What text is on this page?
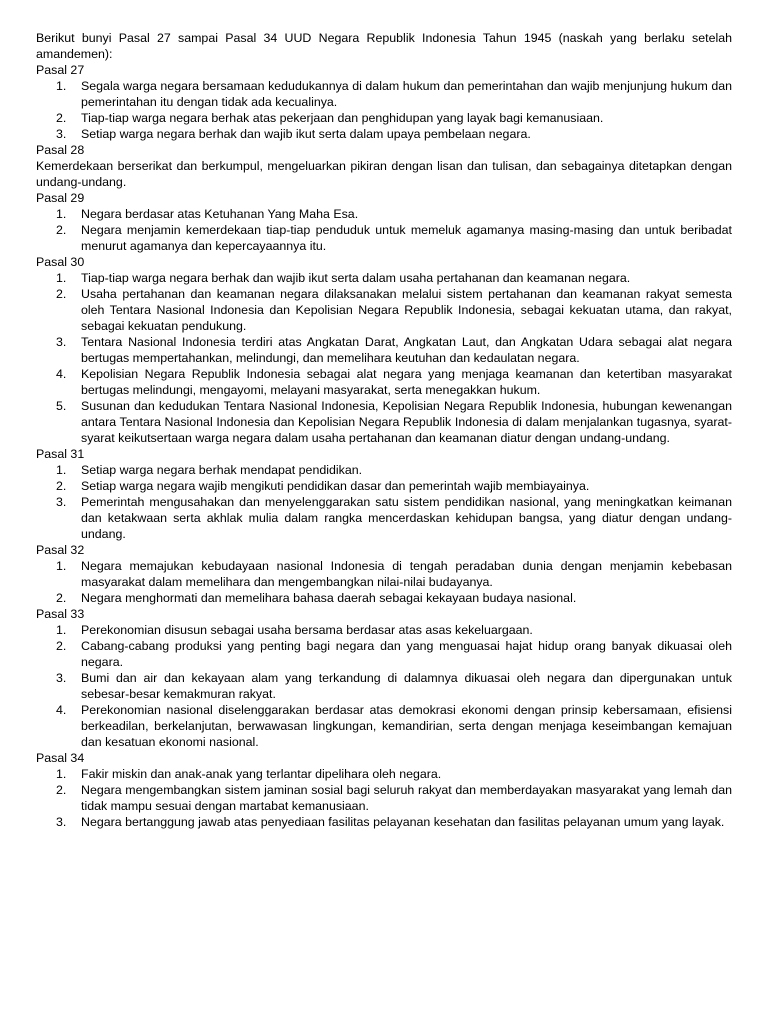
Berikut bunyi Pasal 27 sampai Pasal 34 UUD Negara Republik Indonesia Tahun 1945 (naskah yang berlaku setelah amandemen):

Pasal 27

1. Segala warga negara bersamaan kedudukannya di dalam hukum dan pemerintahan dan wajib menjunjung hukum dan pemerintahan itu dengan tidak ada kecualinya.
2. Tiap-tiap warga negara berhak atas pekerjaan dan penghidupan yang layak bagi kemanusiaan.
3. Setiap warga negara berhak dan wajib ikut serta dalam upaya pembelaan negara.

Pasal 28

Kemerdekaan berserikat dan berkumpul, mengeluarkan pikiran dengan lisan dan tulisan, dan sebagainya ditetapkan dengan undang-undang.

Pasal 29

1. Negara berdasar atas Ketuhanan Yang Maha Esa.
2. Negara menjamin kemerdekaan tiap-tiap penduduk untuk memeluk agamanya masing-masing dan untuk beribadat menurut agamanya dan kepercayaannya itu.

Pasal 30

1. Tiap-tiap warga negara berhak dan wajib ikut serta dalam usaha pertahanan dan keamanan negara.
2. Usaha pertahanan dan keamanan negara dilaksanakan melalui sistem pertahanan dan keamanan rakyat semesta oleh Tentara Nasional Indonesia dan Kepolisian Negara Republik Indonesia, sebagai kekuatan utama, dan rakyat, sebagai kekuatan pendukung.
3. Tentara Nasional Indonesia terdiri atas Angkatan Darat, Angkatan Laut, dan Angkatan Udara sebagai alat negara bertugas mempertahankan, melindungi, dan memelihara keutuhan dan kedaulatan negara.
4. Kepolisian Negara Republik Indonesia sebagai alat negara yang menjaga keamanan dan ketertiban masyarakat bertugas melindungi, mengayomi, melayani masyarakat, serta menegakkan hukum.
5. Susunan dan kedudukan Tentara Nasional Indonesia, Kepolisian Negara Republik Indonesia, hubungan kewenangan antara Tentara Nasional Indonesia dan Kepolisian Negara Republik Indonesia di dalam menjalankan tugasnya, syarat-syarat keikutsertaan warga negara dalam usaha pertahanan dan keamanan diatur dengan undang-undang.

Pasal 31

1. Setiap warga negara berhak mendapat pendidikan.
2. Setiap warga negara wajib mengikuti pendidikan dasar dan pemerintah wajib membiayainya.
3. Pemerintah mengusahakan dan menyelenggarakan satu sistem pendidikan nasional, yang meningkatkan keimanan dan ketakwaan serta akhlak mulia dalam rangka mencerdaskan kehidupan bangsa, yang diatur dengan undang-undang.

Pasal 32

1. Negara memajukan kebudayaan nasional Indonesia di tengah peradaban dunia dengan menjamin kebebasan masyarakat dalam memelihara dan mengembangkan nilai-nilai budayanya.
2. Negara menghormati dan memelihara bahasa daerah sebagai kekayaan budaya nasional.

Pasal 33

1. Perekonomian disusun sebagai usaha bersama berdasar atas asas kekeluargaan.
2. Cabang-cabang produksi yang penting bagi negara dan yang menguasai hajat hidup orang banyak dikuasai oleh negara.
3. Bumi dan air dan kekayaan alam yang terkandung di dalamnya dikuasai oleh negara dan dipergunakan untuk sebesar-besar kemakmuran rakyat.
4. Perekonomian nasional diselenggarakan berdasar atas demokrasi ekonomi dengan prinsip kebersamaan, efisiensi berkeadilan, berkelanjutan, berwawasan lingkungan, kemandirian, serta dengan menjaga keseimbangan kemajuan dan kesatuan ekonomi nasional.

Pasal 34

1. Fakir miskin dan anak-anak yang terlantar dipelihara oleh negara.
2. Negara mengembangkan sistem jaminan sosial bagi seluruh rakyat dan memberdayakan masyarakat yang lemah dan tidak mampu sesuai dengan martabat kemanusiaan.
3. Negara bertanggung jawab atas penyediaan fasilitas pelayanan kesehatan dan fasilitas pelayanan umum yang layak.
